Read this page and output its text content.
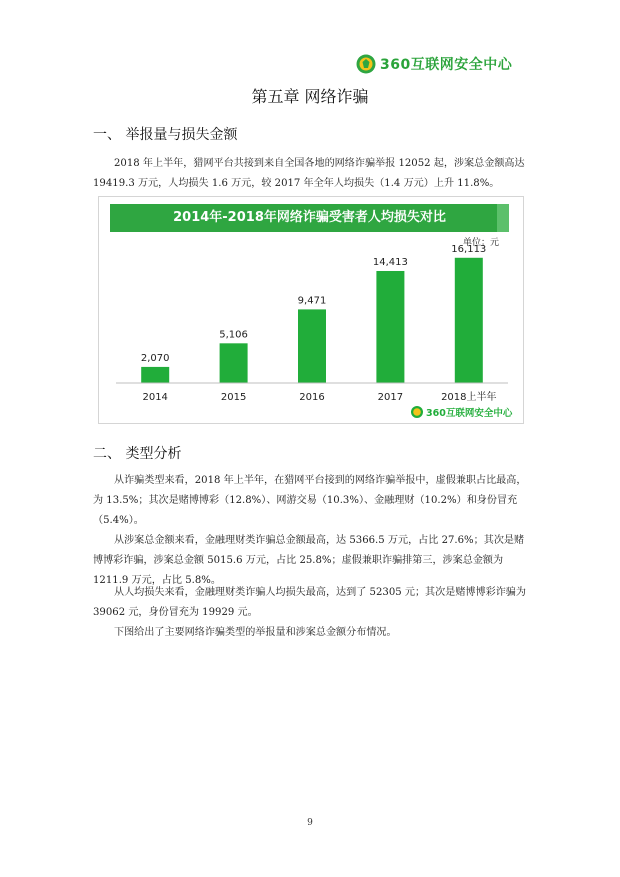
360互联网安全中心
第五章 网络诈骗
一、 举报量与损失金额

2018 年上半年，猎网平台共接到来自全国各地的网络诈骗举报 12052 起，涉案总金额高达 19419.3 万元，人均损失 1.6 万元，较 2017 年全年人均损失（1.4 万元）上升 11.8%。

2014年-2018年网络诈骗受害者人均损失对比
单位：元
2,070
2014
5,106
2015
9,471
2016
14,413
2017
16,113
2018上半年
360互联网安全中心
二、 类型分析

从诈骗类型来看，2018 年上半年，在猎网平台接到的网络诈骗举报中，虚假兼职占比最高，为 13.5%；其次是赌博博彩（12.8%）、网游交易（10.3%）、金融理财（10.2%）和身份冒充（5.4%）。

从涉案总金额来看，金融理财类诈骗总金额最高，达 5366.5 万元，占比 27.6%；其次是赌博博彩诈骗，涉案总金额 5015.6 万元，占比 25.8%；虚假兼职诈骗排第三，涉案总金额为 1211.9 万元，占比 5.8%。

从人均损失来看，金融理财类诈骗人均损失最高，达到了 52305 元；其次是赌博博彩诈骗为 39062 元，身份冒充为 19929 元。

下图给出了主要网络诈骗类型的举报量和涉案总金额分布情况。

9
